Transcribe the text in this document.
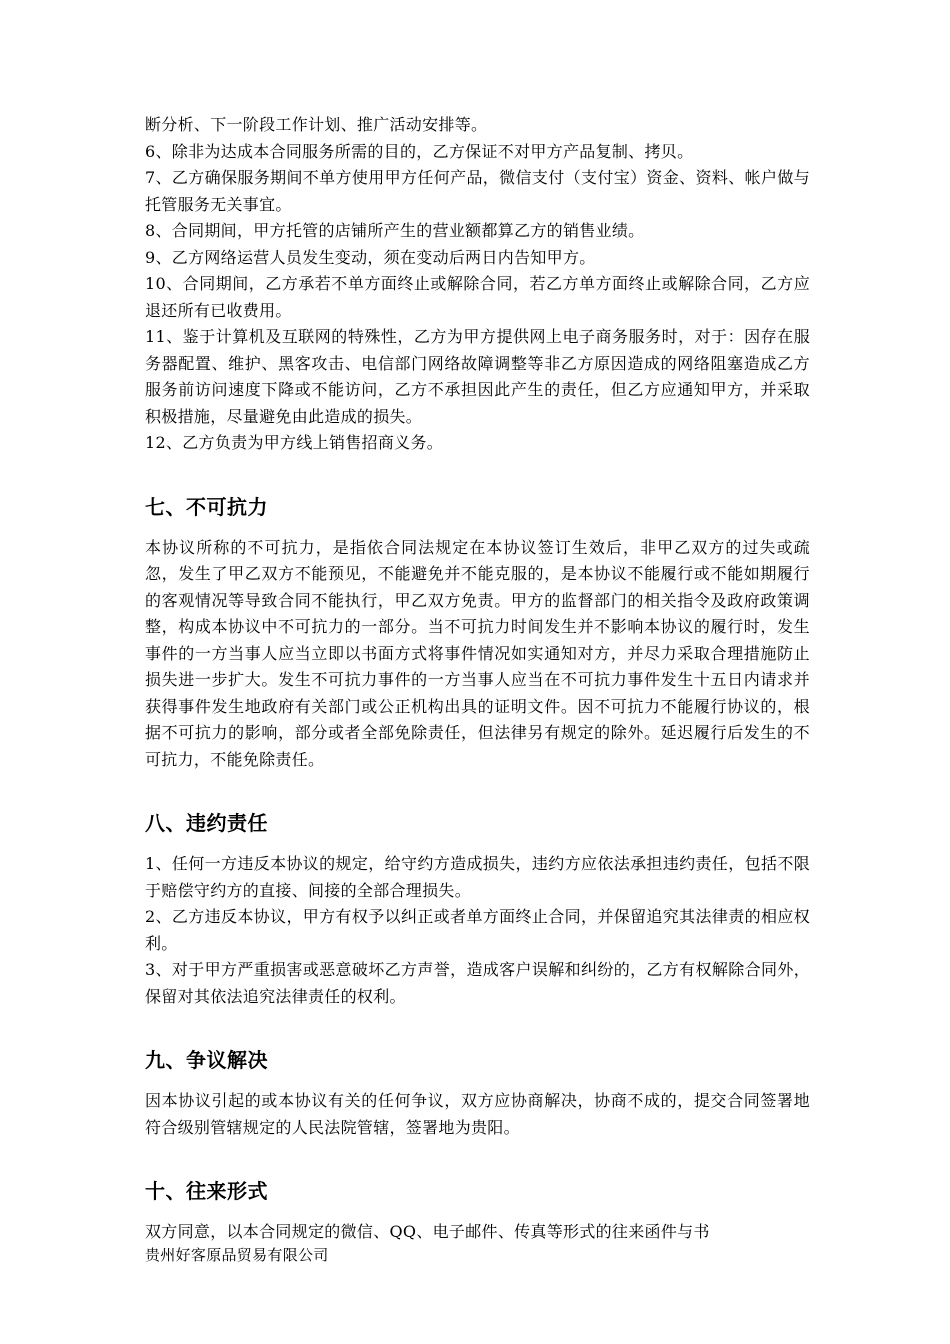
断分析、下一阶段工作计划、推广活动安排等。

6、除非为达成本合同服务所需的目的，乙方保证不对甲方产品复制、拷贝。

7、乙方确保服务期间不单方使用甲方任何产品，微信支付（支付宝）资金、资料、帐户做与托管服务无关事宜。

8、合同期间，甲方托管的店铺所产生的营业额都算乙方的销售业绩。

9、乙方网络运营人员发生变动，须在变动后两日内告知甲方。

10、合同期间，乙方承若不单方面终止或解除合同，若乙方单方面终止或解除合同，乙方应退还所有已收费用。

11、鉴于计算机及互联网的特殊性，乙方为甲方提供网上电子商务服务时，对于：因存在服务器配置、维护、黑客攻击、电信部门网络故障调整等非乙方原因造成的网络阻塞造成乙方服务前访问速度下降或不能访问，乙方不承担因此产生的责任，但乙方应通知甲方，并采取积极措施，尽量避免由此造成的损失。

12、乙方负责为甲方线上销售招商义务。

七、不可抗力

本协议所称的不可抗力，是指依合同法规定在本协议签订生效后，非甲乙双方的过失或疏忽，发生了甲乙双方不能预见，不能避免并不能克服的，是本协议不能履行或不能如期履行的客观情况等导致合同不能执行，甲乙双方免责。甲方的监督部门的相关指令及政府政策调整，构成本协议中不可抗力的一部分。当不可抗力时间发生并不影响本协议的履行时，发生事件的一方当事人应当立即以书面方式将事件情况如实通知对方，并尽力采取合理措施防止损失进一步扩大。发生不可抗力事件的一方当事人应当在不可抗力事件发生十五日内请求并获得事件发生地政府有关部门或公正机构出具的证明文件。因不可抗力不能履行协议的，根据不可抗力的影响，部分或者全部免除责任，但法律另有规定的除外。延迟履行后发生的不可抗力，不能免除责任。

八、违约责任

1、任何一方违反本协议的规定，给守约方造成损失，违约方应依法承担违约责任，包括不限于赔偿守约方的直接、间接的全部合理损失。

2、乙方违反本协议，甲方有权予以纠正或者单方面终止合同，并保留追究其法律责的相应权利。

3、对于甲方严重损害或恶意破坏乙方声誉，造成客户误解和纠纷的，乙方有权解除合同外，保留对其依法追究法律责任的权利。

九、争议解决

因本协议引起的或本协议有关的任何争议，双方应协商解决，协商不成的，提交合同签署地符合级别管辖规定的人民法院管辖，签署地为贵阳。

十、往来形式

双方同意，以本合同规定的微信、QQ、电子邮件、传真等形式的往来函件与书

贵州好客原品贸易有限公司
